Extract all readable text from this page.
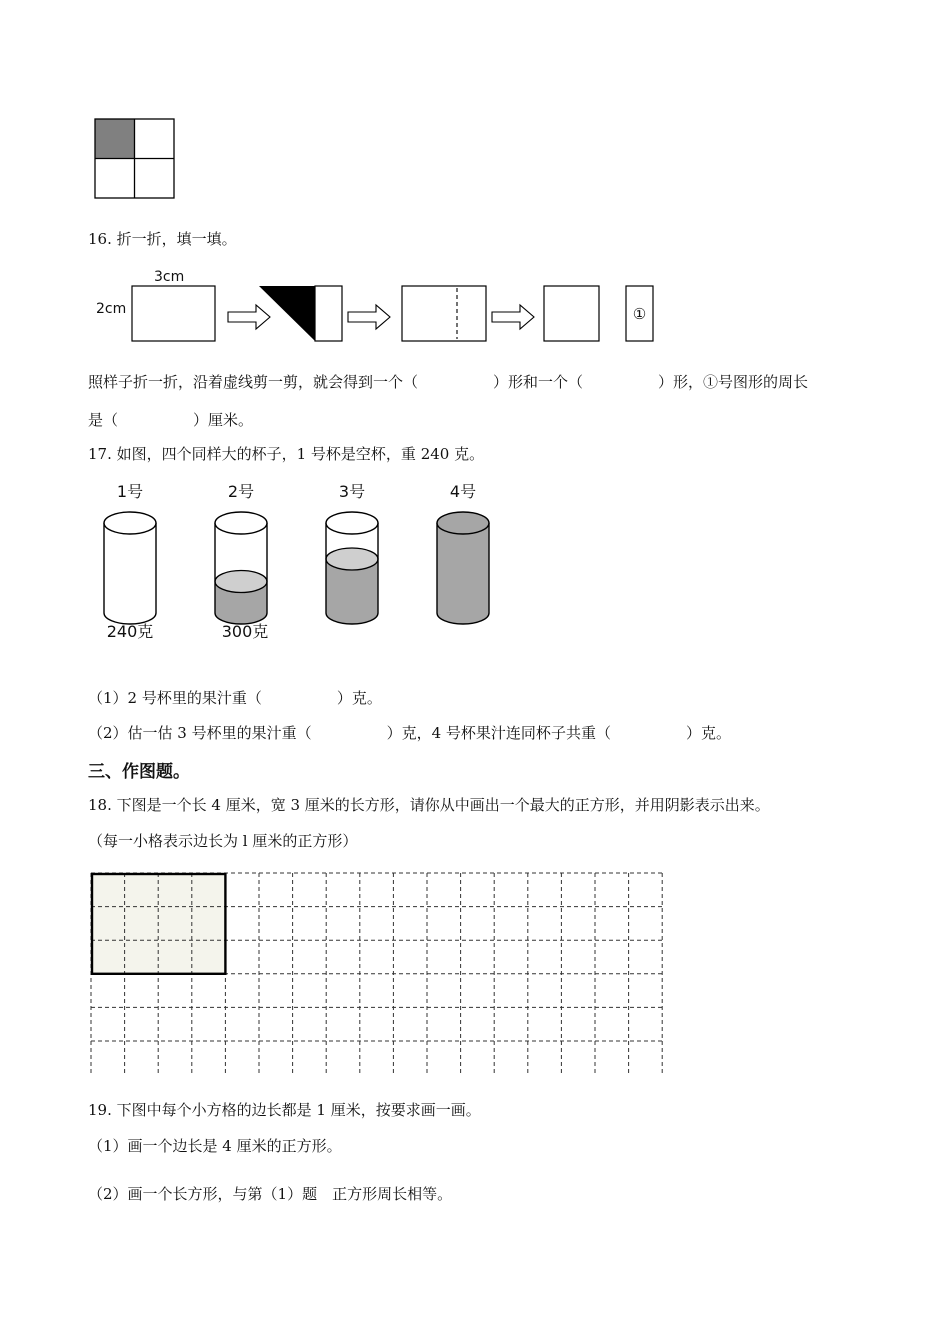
16. 折一折，填一填。
3cm
2cm	①
照样子折一折，沿着虚线剪一剪，就会得到一个（	）形和一个（	）形，①号图形的周长
是（	）厘米。
17. 如图，四个同样大的杯子，1 号杯是空杯，重 240 克。
1号	2号	3号	4号
240克	300克
（1）2 号杯里的果汁重（	）克。
（2）估一估 3 号杯里的果汁重（	）克，4 号杯果汁连同杯子共重（	）克。
三、作图题。
18. 下图是一个长 4 厘米，宽 3 厘米的长方形，请你从中画出一个最大的正方形，并用阴影表示出来。
（每一小格表示边长为 l 厘米的正方形）
19. 下图中每个小方格的边长都是 1 厘米，按要求画一画。
（1）画一个边长是 4 厘米的正方形。
（2）画一个长方形，与第（1）题　正方形周长相等。
